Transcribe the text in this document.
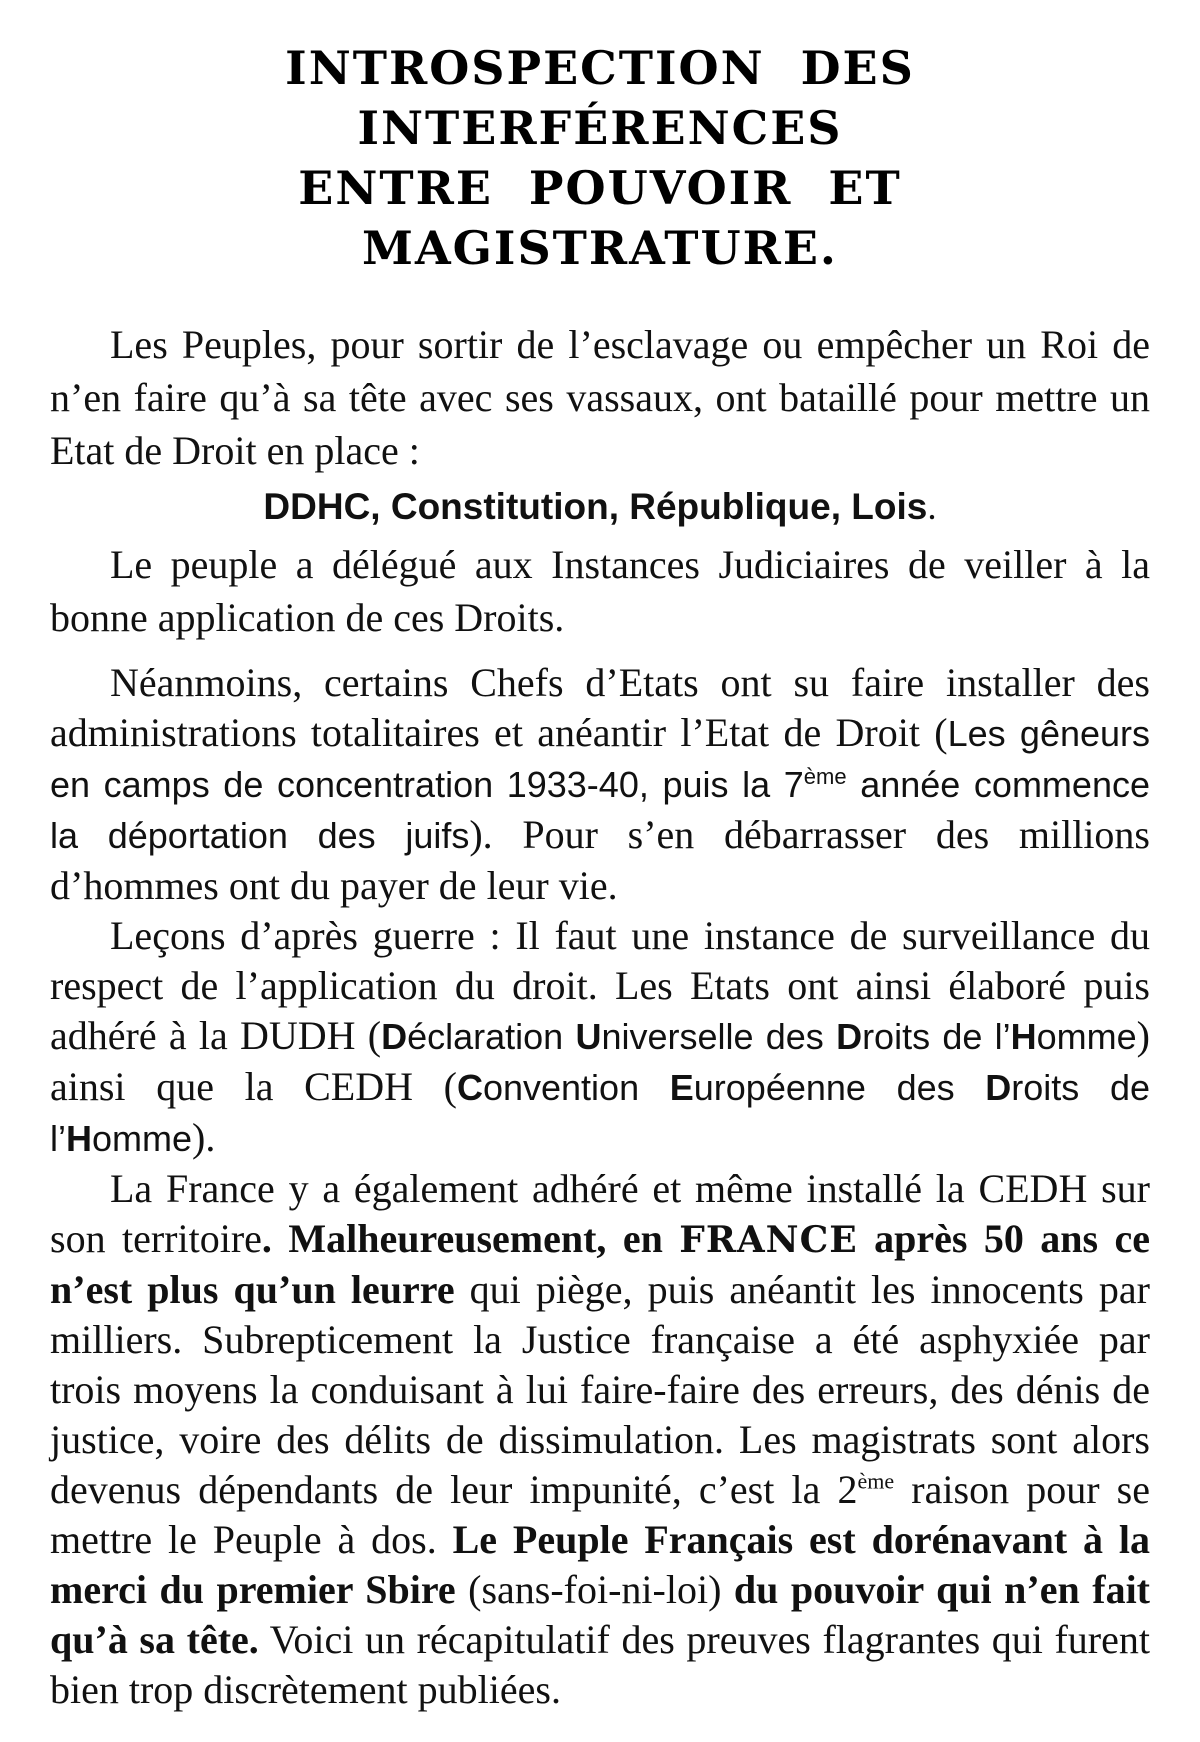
INTROSPECTION DES INTERFÉRENCES
ENTRE POUVOIR ET MAGISTRATURE.

Les Peuples, pour sortir de l’esclavage ou empêcher un Roi de n’en faire qu’à sa tête avec ses vassaux, ont bataillé pour mettre un Etat de Droit en place :

DDHC, Constitution, République, Lois.

Le peuple a délégué aux Instances Judiciaires de veiller à la bonne application de ces Droits.

Néanmoins, certains Chefs d’Etats ont su faire installer des administrations totalitaires et anéantir l’Etat de Droit (Les gêneurs en camps de concentration 1933-40, puis la 7ème année commence la déportation des juifs). Pour s’en débarrasser des millions d’hommes ont du payer de leur vie.

Leçons d’après guerre : Il faut une instance de surveillance du respect de l’application du droit. Les Etats ont ainsi élaboré puis adhéré à la DUDH (Déclaration Universelle des Droits de l’Homme) ainsi que la CEDH (Convention Européenne des Droits de l’Homme).

La France y a également adhéré et même installé la CEDH sur son territoire. Malheureusement, en FRANCE après 50 ans ce n’est plus qu’un leurre qui piège, puis anéantit les innocents par milliers. Subrepticement la Justice française a été asphyxiée par trois moyens la conduisant à lui faire-faire des erreurs, des dénis de justice, voire des délits de dissimulation. Les magistrats sont alors devenus dépendants de leur impunité, c’est la 2ème raison pour se mettre le Peuple à dos. Le Peuple Français est dorénavant à la merci du premier Sbire (sans-foi-ni-loi) du pouvoir qui n’en fait qu’à sa tête. Voici un récapitulatif des preuves flagrantes qui furent bien trop discrètement publiées.
